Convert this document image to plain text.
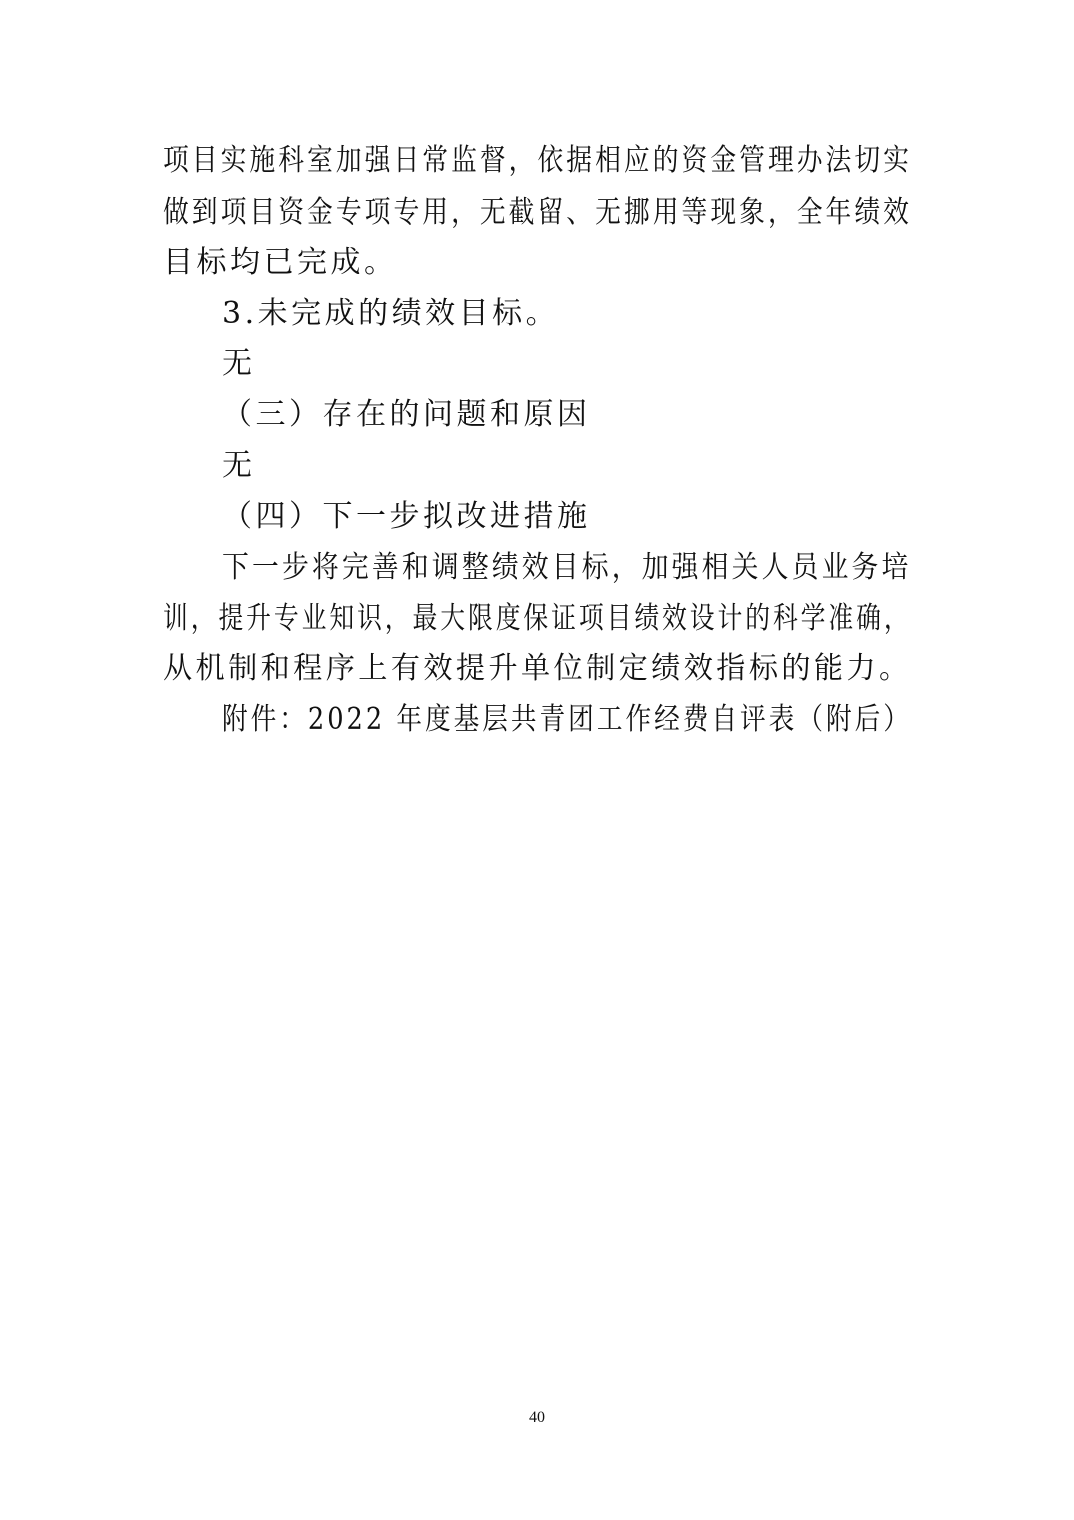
项目实施科室加强日常监督，依据相应的资金管理办法切实
做到项目资金专项专用，无截留、无挪用等现象，全年绩效
目标均已完成。
3.未完成的绩效目标。
无
（三）存在的问题和原因
无
（四）下一步拟改进措施
下一步将完善和调整绩效目标，加强相关人员业务培
训，提升专业知识，最大限度保证项目绩效设计的科学准确，
从机制和程序上有效提升单位制定绩效指标的能力。
附件：2022 年度基层共青团工作经费自评表（附后）
40
